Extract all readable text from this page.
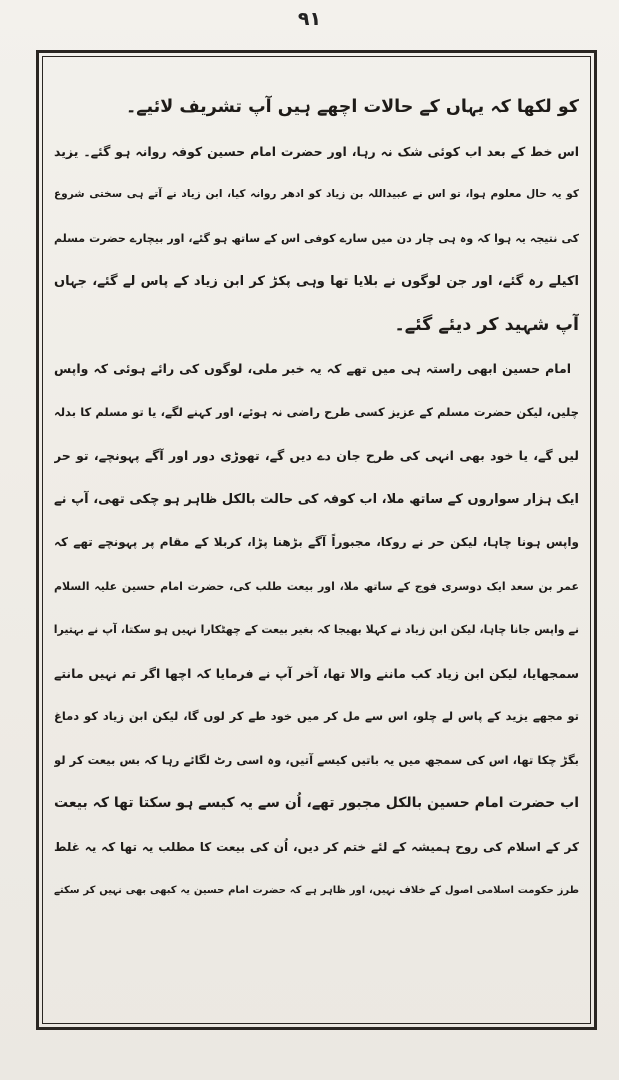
۹۱

کو لکھا کہ یہاں کے حالات اچھے ہیں آپ تشریف لائیے۔

اس خط کے بعد اب کوئی شک نہ رہا، اور حضرت امام حسین کوفہ روانہ ہو گئے۔ یزید

کو یہ حال معلوم ہوا، تو اس نے عبیداللہ بن زیاد کو ادھر روانہ کیا، ابن زیاد نے آتے ہی سختی شروع

کی نتیجہ یہ ہوا کہ وہ ہی چار دن میں سارے کوفی اس کے ساتھ ہو گئے، اور بیچارے حضرت مسلم

اکیلے رہ گئے، اور جن لوگوں نے بلایا تھا وہی پکڑ کر ابن زیاد کے پاس لے گئے، جہاں

آپ شہید کر دیئے گئے۔

امام حسین ابھی راستہ ہی میں تھے کہ یہ خبر ملی، لوگوں کی رائے ہوئی کہ واپس

چلیں، لیکن حضرت مسلم کے عزیز کسی طرح راضی نہ ہوئے، اور کہنے لگے، یا تو مسلم کا بدلہ

لیں گے، یا خود بھی انہی کی طرح جان دے دیں گے، تھوڑی دور اور آگے پہونچے، تو حر

ایک ہزار سواروں کے ساتھ ملا، اب کوفہ کی حالت بالکل ظاہر ہو چکی تھی، آپ نے

واپس ہونا چاہا، لیکن حر نے روکا، مجبوراً آگے بڑھنا پڑا، کربلا کے مقام پر پہونچے تھے کہ

عمر بن سعد ایک دوسری فوج کے ساتھ ملا، اور بیعت طلب کی، حضرت امام حسین علیہ السلام

نے واپس جانا چاہا، لیکن ابن زیاد نے کہلا بھیجا کہ بغیر بیعت کے چھٹکارا نہیں ہو سکتا، آپ نے بہتیرا

سمجھایا، لیکن ابن زیاد کب ماننے والا تھا، آخر آپ نے فرمایا کہ اچھا اگر تم نہیں مانتے

تو مجھے یزید کے پاس لے چلو، اس سے مل کر میں خود طے کر لوں گا، لیکن ابن زیاد کو دماغ

بگڑ چکا تھا، اس کی سمجھ میں یہ باتیں کیسے آتیں، وہ اسی رٹ لگائے رہا کہ بس بیعت کر لو

اب حضرت امام حسین بالکل مجبور تھے، اُن سے یہ کیسے ہو سکتا تھا کہ بیعت

کر کے اسلام کی روح ہمیشہ کے لئے ختم کر دیں، اُن کی بیعت کا مطلب یہ تھا کہ یہ غلط

طرز حکومت اسلامی اصول کے خلاف نہیں، اور ظاہر ہے کہ حضرت امام حسین یہ کبھی بھی نہیں کر سکتے
